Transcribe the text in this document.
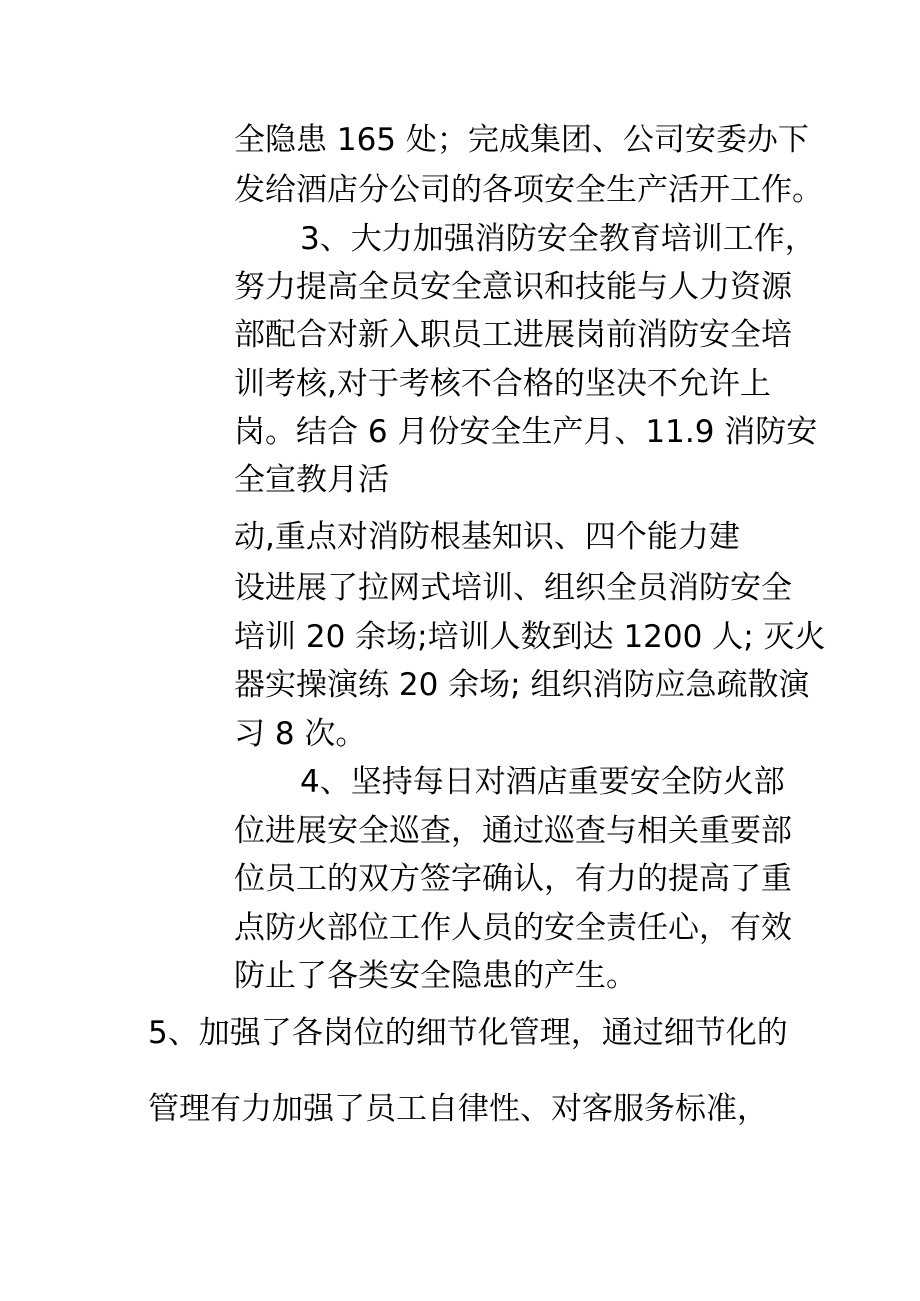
全隐患 165 处；完成集团、公司安委办下
发给酒店分公司的各项安全生产活开工作。
3、大力加强消防安全教育培训工作，
努力提高全员安全意识和技能与人力资源
部配合对新入职员工进展岗前消防安全培
训考核,对于考核不合格的坚决不允许上
岗。结合 6 月份安全生产月、11.9 消防安
全宣教月活
动,重点对消防根基知识、四个能力建
设进展了拉网式培训、组织全员消防安全
培训 20 余场;培训人数到达 1200 人; 灭火
器实操演练 20 余场; 组织消防应急疏散演
习 8 次。
4、坚持每日对酒店重要安全防火部
位进展安全巡查，通过巡查与相关重要部
位员工的双方签字确认，有力的提高了重
点防火部位工作人员的安全责任心，有效
防止了各类安全隐患的产生。
5、加强了各岗位的细节化管理，通过细节化的
管理有力加强了员工自律性、对客服务标准，
